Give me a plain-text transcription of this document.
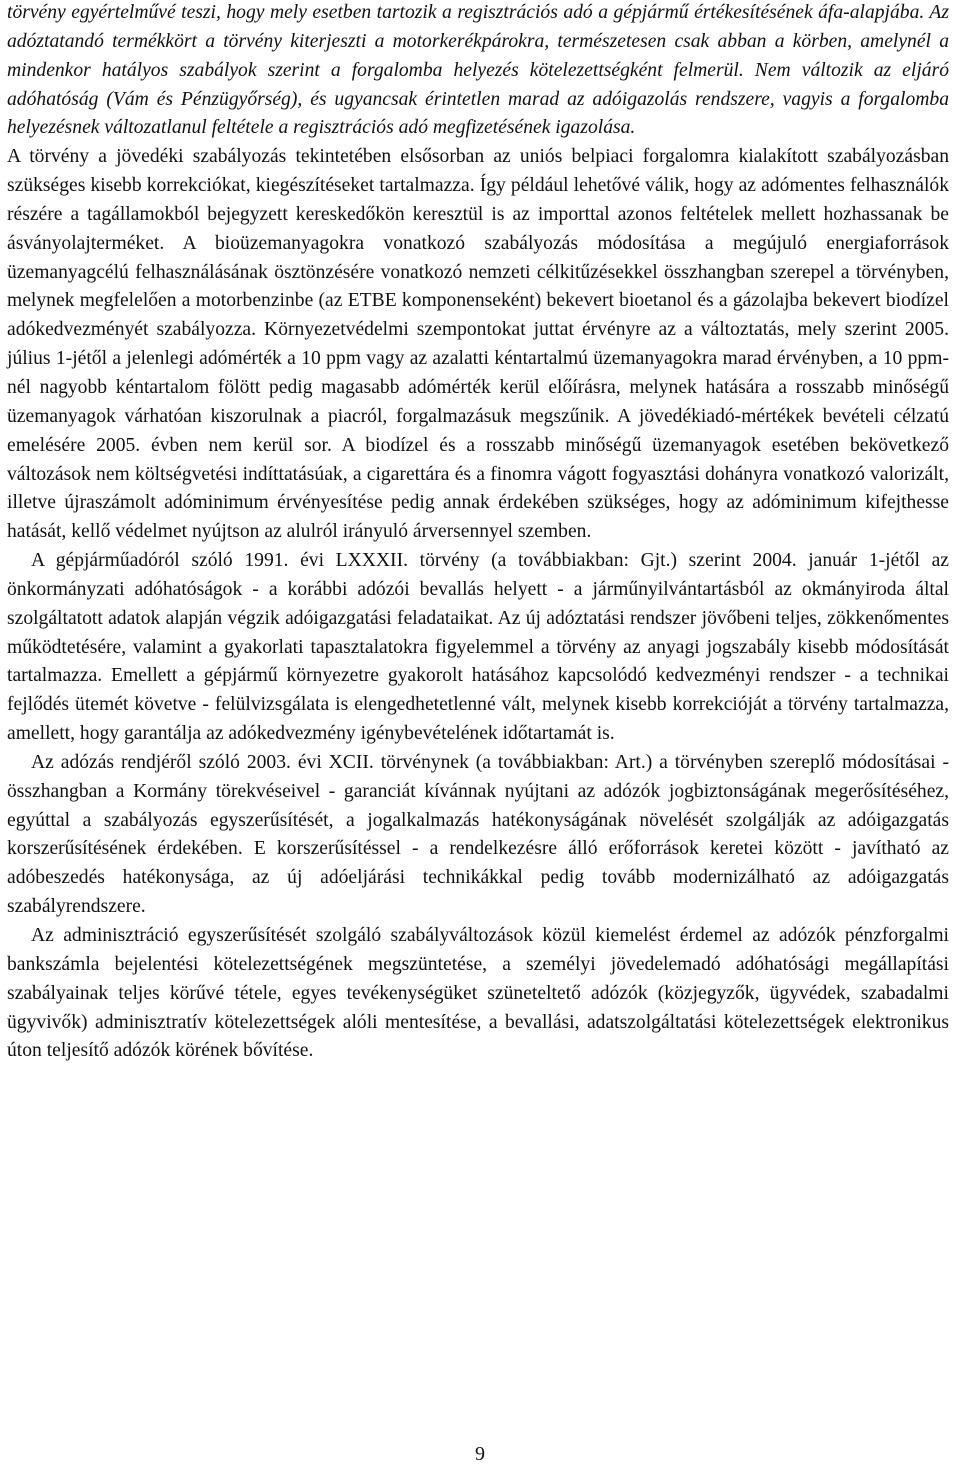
törvény egyértelművé teszi, hogy mely esetben tartozik a regisztrációs adó a gépjármű értékesítésének áfa-alapjába. Az adóztatandó termékkört a törvény kiterjeszti a motorkerékpárokra, természetesen csak abban a körben, amelynél a mindenkor hatályos szabályok szerint a forgalomba helyezés kötelezettségként felmerül. Nem változik az eljáró adóhatóság (Vám és Pénzügyőrség), és ugyancsak érintetlen marad az adóigazolás rendszere, vagyis a forgalomba helyezésnek változatlanul feltétele a regisztrációs adó megfizetésének igazolása.

A törvény a jövedéki szabályozás tekintetében elsősorban az uniós belpiaci forgalomra kialakított szabályozásban szükséges kisebb korrekciókat, kiegészítéseket tartalmazza. Így például lehetővé válik, hogy az adómentes felhasználók részére a tagállamokból bejegyzett kereskedőkön keresztül is az importtal azonos feltételek mellett hozhassanak be ásványolajterméket. A bioüzemanyagokra vonatkozó szabályozás módosítása a megújuló energiaforrások üzemanyagcélú felhasználásának ösztönzésére vonatkozó nemzeti célkitűzésekkel összhangban szerepel a törvényben, melynek megfelelően a motorbenzinbe (az ETBE komponenseként) bekevert bioetanol és a gázolajba bekevert biodízel adókedvezményét szabályozza. Környezetvédelmi szempontokat juttat érvényre az a változtatás, mely szerint 2005. július 1-jétől a jelenlegi adómérték a 10 ppm vagy az azalatti kéntartalmú üzemanyagokra marad érvényben, a 10 ppm-nél nagyobb kéntartalom fölött pedig magasabb adómérték kerül előírásra, melynek hatására a rosszabb minőségű üzemanyagok várhatóan kiszorulnak a piacról, forgalmazásuk megszűnik. A jövedékiadó-mértékek bevételi célzatú emelésére 2005. évben nem kerül sor. A biodízel és a rosszabb minőségű üzemanyagok esetében bekövetkező változások nem költségvetési indíttatásúak, a cigarettára és a finomra vágott fogyasztási dohányra vonatkozó valorizált, illetve újraszámolt adóminimum érvényesítése pedig annak érdekében szükséges, hogy az adóminimum kifejthesse hatását, kellő védelmet nyújtson az alulról irányuló árversennyel szemben.

A gépjárműadóról szóló 1991. évi LXXXII. törvény (a továbbiakban: Gjt.) szerint 2004. január 1-jétől az önkormányzati adóhatóságok - a korábbi adózói bevallás helyett - a járműnyilvántartásból az okmányiroda által szolgáltatott adatok alapján végzik adóigazgatási feladataikat. Az új adóztatási rendszer jövőbeni teljes, zökkenőmentes működtetésére, valamint a gyakorlati tapasztalatokra figyelemmel a törvény az anyagi jogszabály kisebb módosítását tartalmazza. Emellett a gépjármű környezetre gyakorolt hatásához kapcsolódó kedvezményi rendszer - a technikai fejlődés ütemét követve - felülvizsgálata is elengedhetetlenné vált, melynek kisebb korrekcióját a törvény tartalmazza, amellett, hogy garantálja az adókedvezmény igénybevételének időtartamát is.

Az adózás rendjéről szóló 2003. évi XCII. törvénynek (a továbbiakban: Art.) a törvényben szereplő módosításai - összhangban a Kormány törekvéseivel - garanciát kívánnak nyújtani az adózók jogbiztonságának megerősítéséhez, egyúttal a szabályozás egyszerűsítését, a jogalkalmazás hatékonyságának növelését szolgálják az adóigazgatás korszerűsítésének érdekében. E korszerűsítéssel - a rendelkezésre álló erőforrások keretei között - javítható az adóbeszedés hatékonysága, az új adóeljárási technikákkal pedig tovább modernizálható az adóigazgatás szabályrendszere.

Az adminisztráció egyszerűsítését szolgáló szabályváltozások közül kiemelést érdemel az adózók pénzforgalmi bankszámla bejelentési kötelezettségének megszüntetése, a személyi jövedelemadó adóhatósági megállapítási szabályainak teljes körűvé tétele, egyes tevékenységüket szüneteltető adózók (közjegyzők, ügyvédek, szabadalmi ügyvivők) adminisztratív kötelezettségek alóli mentesítése, a bevallási, adatszolgáltatási kötelezettségek elektronikus úton teljesítő adózók körének bővítése.

9
